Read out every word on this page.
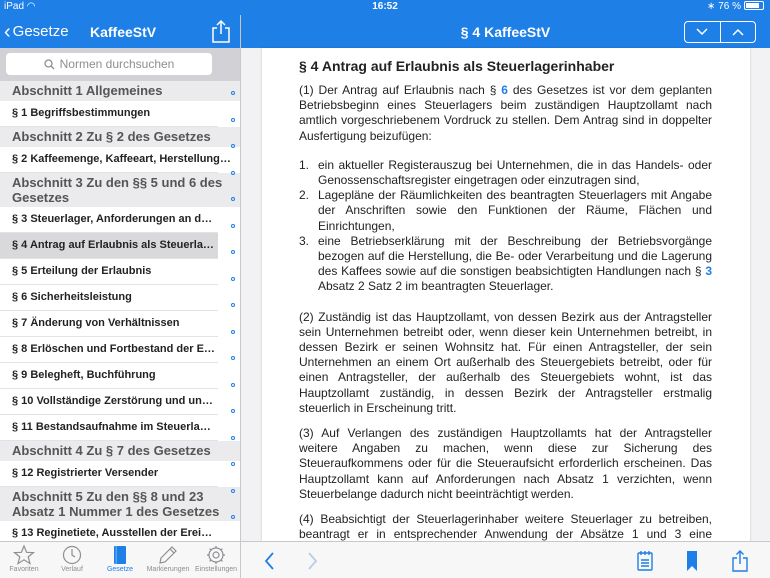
iPad ◠	16:52	∗ 76 %
‹ Gesetze KaffeeStV	§ 4 KaffeeStV
Normen durchsuchen
Abschnitt 1 Allgemeines
§ 1 Begriffsbestimmungen
Abschnitt 2 Zu § 2 des Gesetzes
§ 2 Kaffeemenge, Kaffeeart, Herstellung…
Abschnitt 3 Zu den §§ 5 und 6 des Gesetzes
§ 3 Steuerlager, Anforderungen an d…
§ 4 Antrag auf Erlaubnis als Steuerla…
§ 5 Erteilung der Erlaubnis
§ 6 Sicherheitsleistung
§ 7 Änderung von Verhältnissen
§ 8 Erlöschen und Fortbestand der E…
§ 9 Belegheft, Buchführung
§ 10 Vollständige Zerstörung und un…
§ 11 Bestandsaufnahme im Steuerla…
Abschnitt 4 Zu § 7 des Gesetzes
§ 12 Registrierter Versender
Abschnitt 5 Zu den §§ 8 und 23 Absatz 1 Nummer 1 des Gesetzes
§ 13 Reginetiete, Ausstellen der Erei…
§ 4 Antrag auf Erlaubnis als Steuerlagerinhaber

(1) Der Antrag auf Erlaubnis nach § 6 des Gesetzes ist vor dem geplanten Betriebsbeginn eines Steuerlagers beim zuständigen Hauptzollamt nach amtlich vorgeschriebenem Vordruck zu stellen. Dem Antrag sind in doppelter Ausfertigung beizufügen:

1. ein aktueller Registerauszug bei Unternehmen, die in das Handels- oder Genossenschaftsregister eingetragen oder einzutragen sind,
2. Lagepläne der Räumlichkeiten des beantragten Steuerlagers mit Angabe der Anschriften sowie den Funktionen der Räume, Flächen und Einrichtungen,
3. eine Betriebserklärung mit der Beschreibung der Betriebsvorgänge bezogen auf die Herstellung, die Be- oder Verarbeitung und die Lagerung des Kaffees sowie auf die sonstigen beabsichtigten Handlungen nach § 3 Absatz 2 Satz 2 im beantragten Steuerlager.

(2) Zuständig ist das Hauptzollamt, von dessen Bezirk aus der Antragsteller sein Unternehmen betreibt oder, wenn dieser kein Unternehmen betreibt, in dessen Bezirk er seinen Wohnsitz hat. Für einen Antragsteller, der sein Unternehmen an einem Ort außerhalb des Steuergebiets betreibt, oder für einen Antragsteller, der außerhalb des Steuergebiets wohnt, ist das Hauptzollamt zuständig, in dessen Bezirk der Antragsteller erstmalig steuerlich in Erscheinung tritt.

(3) Auf Verlangen des zuständigen Hauptzollamts hat der Antragsteller weitere Angaben zu machen, wenn diese zur Sicherung des Steueraufkommens oder für die Steueraufsicht erforderlich erscheinen. Das Hauptzollamt kann auf Anforderungen nach Absatz 1 verzichten, wenn Steuerbelange dadurch nicht beeinträchtigt werden.

(4) Beabsichtigt der Steuerlagerinhaber weitere Steuerlager zu betreiben, beantragt er in entsprechender Anwendung der Absätze 1 und 3 eine

Favoriten	Verlauf	Gesetze Markierungen Einstellungen
